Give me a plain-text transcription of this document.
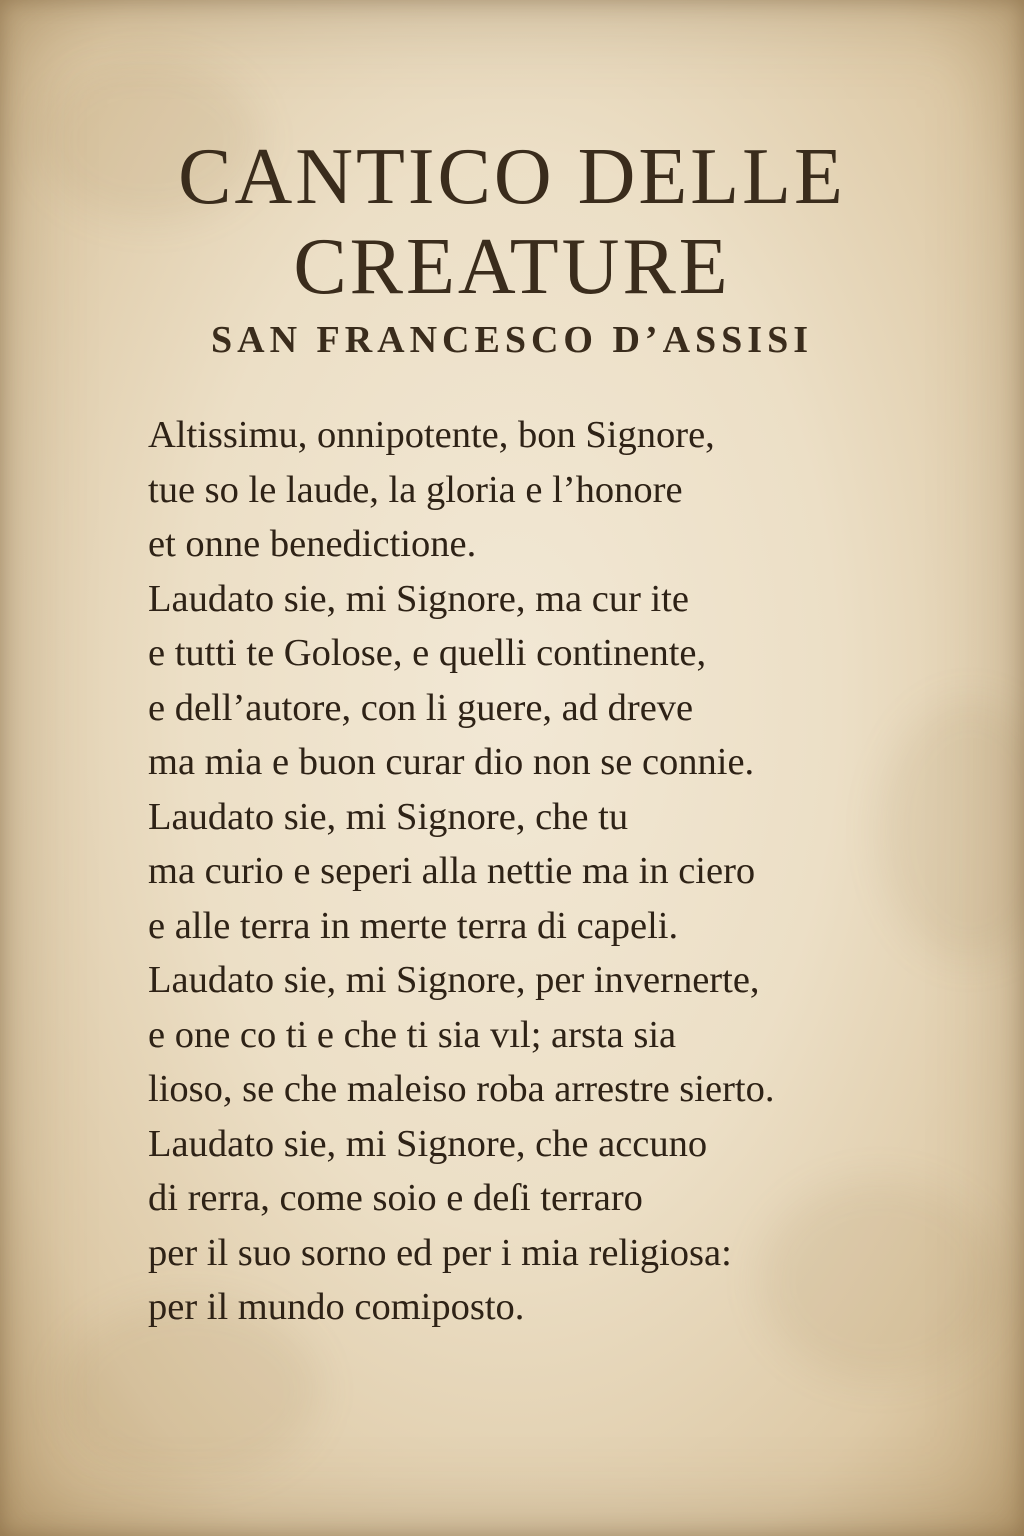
CANTICO DELLE
CREATURE
SAN FRANCESCO D’ASSISI
Altissimu, onnipotente, bon Signore,
tue so le laude, la gloria e l’honore
et onne benedictione.
Laudato sie, mi Signore, ma cur ite
e tutti te Golose, e quelli continente,
e dell’autore, con li guere, ad dreve
ma mia e buon curar dio non se connie.
Laudato sie, mi Signore, che tu
ma curio e seperi alla nettie ma in ciero
e alle terra in merte terra di capeli.
Laudato sie, mi Signore, per invernerte,
e one co ti e che ti sia vıl; arsta sia
lioso, se che maleiso roba arrestre sierto.
Laudato sie, mi Signore, che accuno
di rerra, come soio e deſi terraro
per il suo sorno ed per i mia religiosa:
per il mundo comiposto.
